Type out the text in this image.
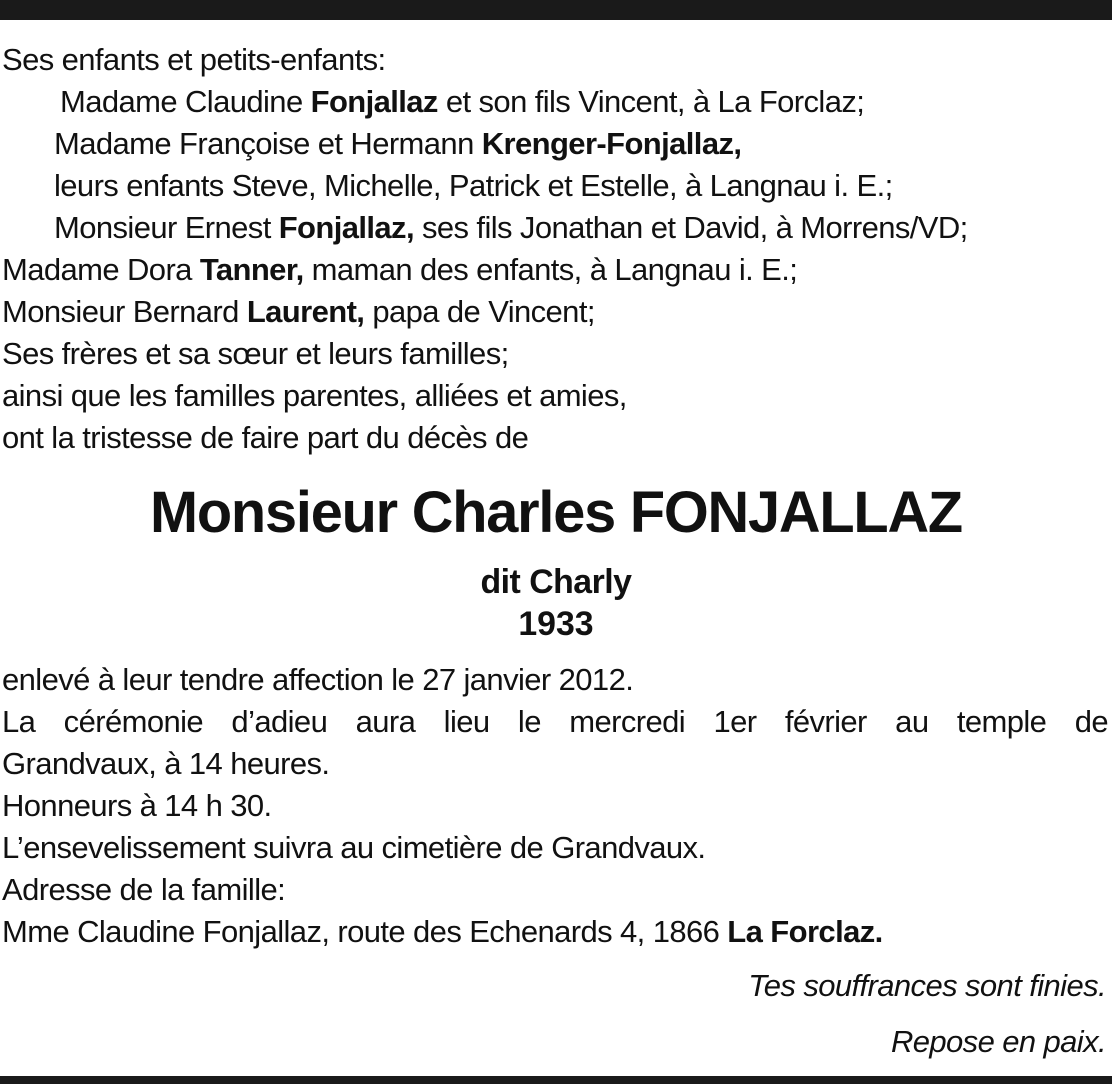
Ses enfants et petits-enfants:
Madame Claudine Fonjallaz et son fils Vincent, à La Forclaz;
Madame Françoise et Hermann Krenger-Fonjallaz,
leurs enfants Steve, Michelle, Patrick et Estelle, à Langnau i. E.;
Monsieur Ernest Fonjallaz, ses fils Jonathan et David, à Morrens/VD;
Madame Dora Tanner, maman des enfants, à Langnau i. E.;
Monsieur Bernard Laurent, papa de Vincent;
Ses frères et sa sœur et leurs familles;
ainsi que les familles parentes, alliées et amies,
ont la tristesse de faire part du décès de
Monsieur Charles FONJALLAZ
dit Charly
1933
enlevé à leur tendre affection le 27 janvier 2012.
La cérémonie d’adieu aura lieu le mercredi 1er février au temple de
Grandvaux, à 14 heures.
Honneurs à 14 h 30.
L’ensevelissement suivra au cimetière de Grandvaux.
Adresse de la famille:
Mme Claudine Fonjallaz, route des Echenards 4, 1866 La Forclaz.
Tes souffrances sont finies.
Repose en paix.
